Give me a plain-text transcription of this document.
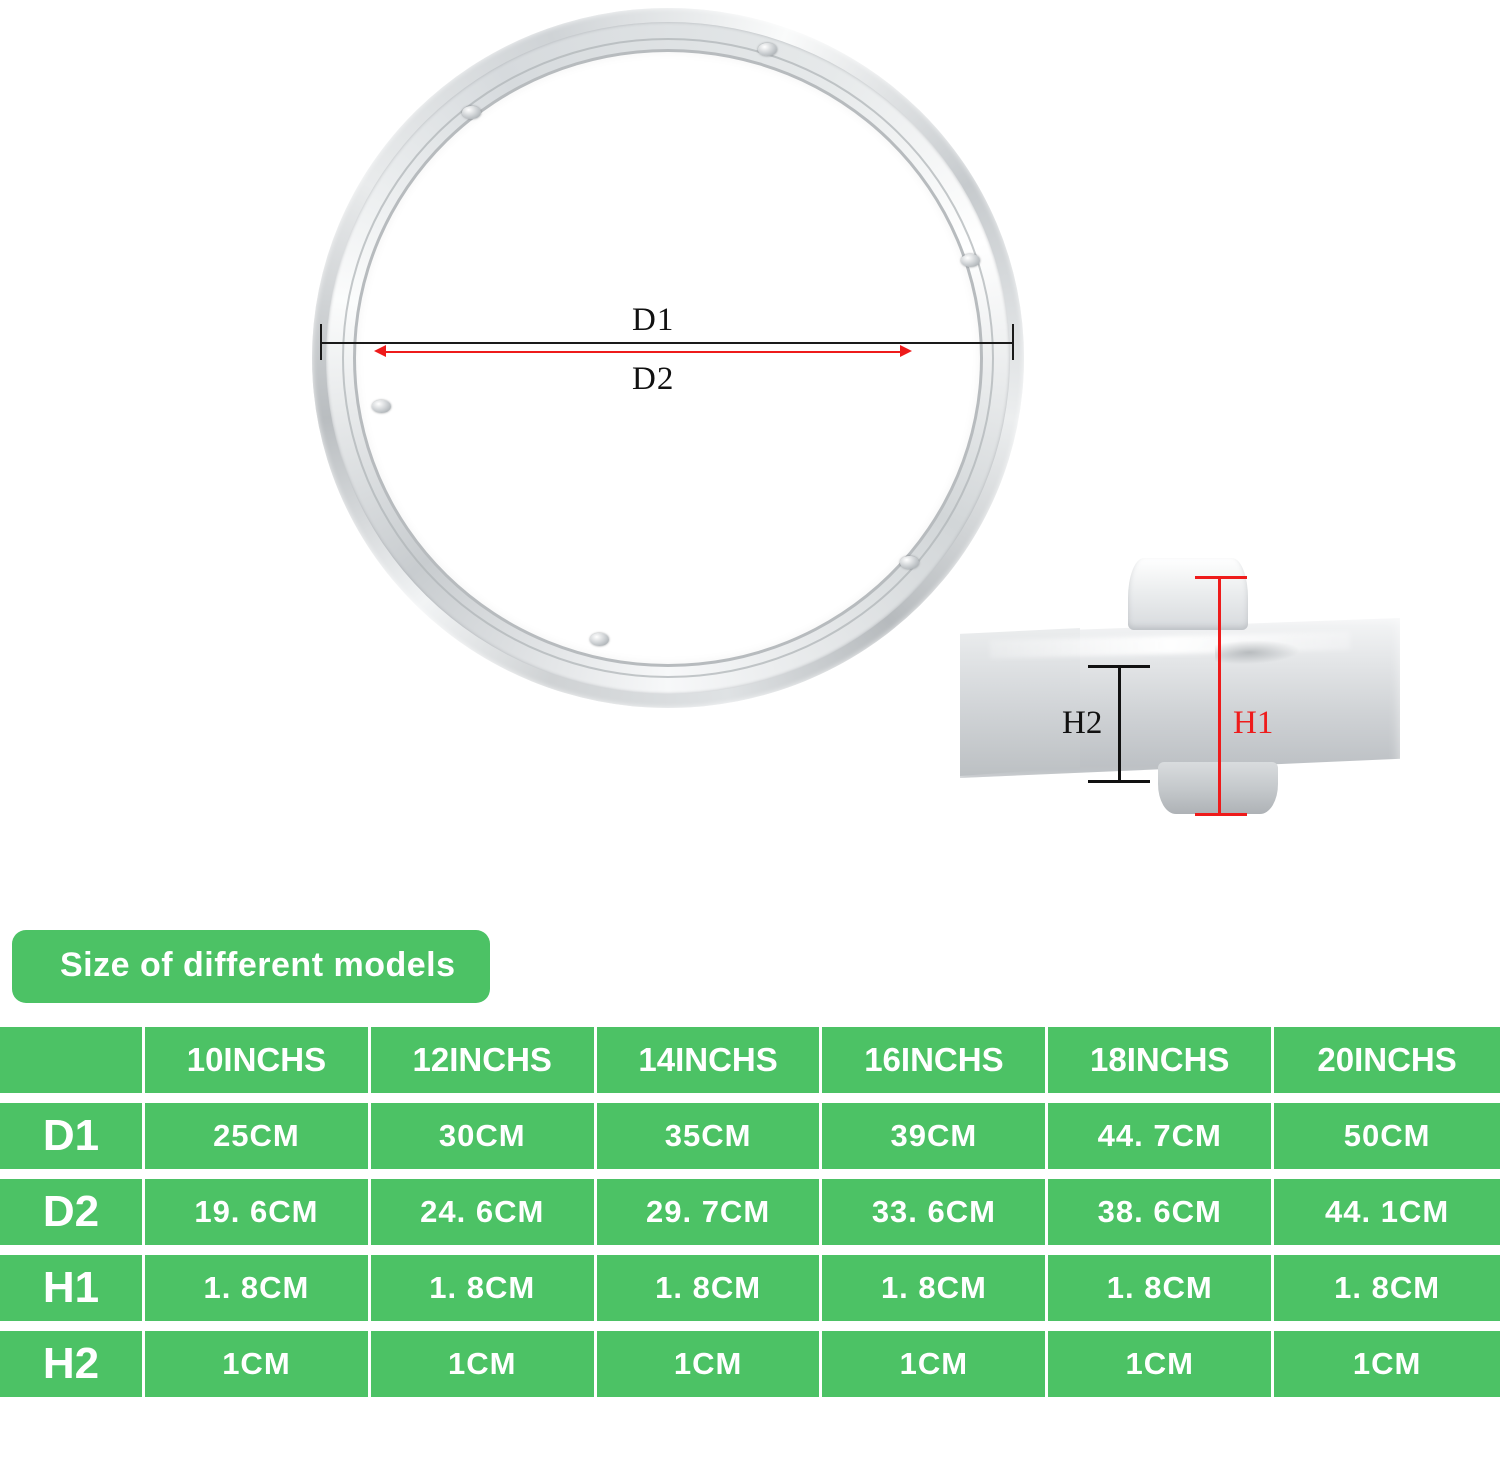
D1
D2
H2	H1
Size of different models
	10INCHS	12INCHS	14INCHS	16INCHS	18INCHS	20INCHS
D1	25CM	30CM	35CM	39CM	44. 7CM	50CM
D2	19. 6CM	24. 6CM	29. 7CM	33. 6CM	38. 6CM	44. 1CM
H1	1. 8CM	1. 8CM	1. 8CM	1. 8CM	1. 8CM	1. 8CM
H2	1CM	1CM	1CM	1CM	1CM	1CM
